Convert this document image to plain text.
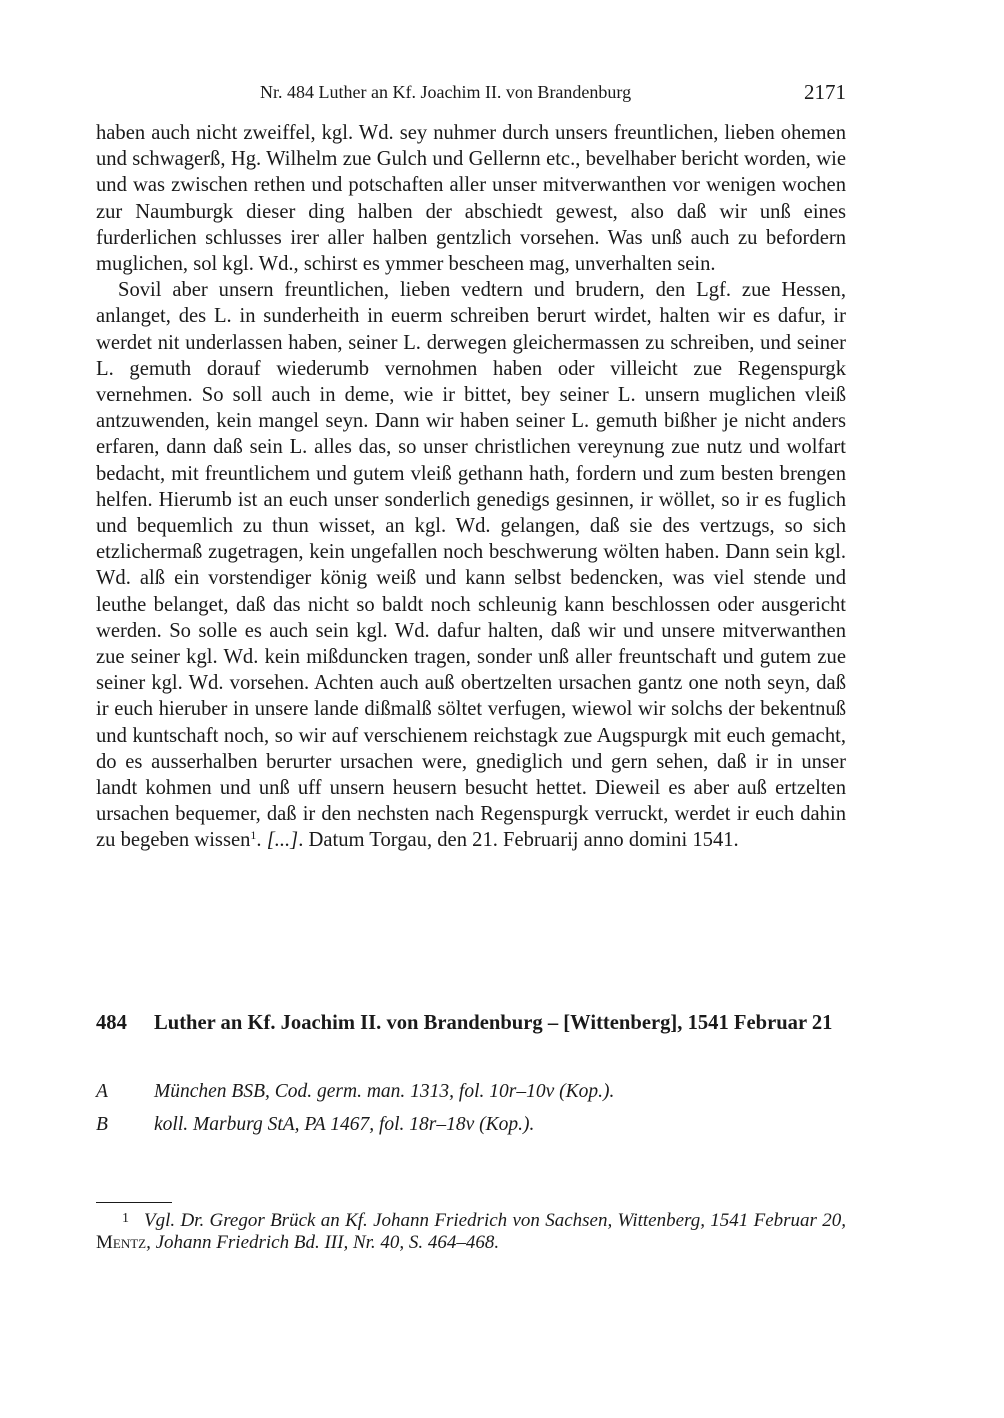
Nr. 484 Luther an Kf. Joachim II. von Brandenburg	2171

haben auch nicht zweiffel, kgl. Wd. sey nuhmer durch unsers freuntlichen, lieben ohemen und schwagerß, Hg. Wilhelm zue Gulch und Gellernn etc., bevelhaber bericht worden, wie und was zwischen rethen und potschaften aller unser mitverwanthen vor wenigen wochen zur Naumburgk dieser ding halben der abschiedt gewest, also daß wir unß eines furderlichen schlusses irer aller halben gentzlich vorsehen. Was unß auch zu befordern muglichen, sol kgl. Wd., schirst es ymmer bescheen mag, unverhalten sein.

Sovil aber unsern freuntlichen, lieben vedtern und brudern, den Lgf. zue Hessen, anlanget, des L. in sunderheith in euerm schreiben berurt wirdet, halten wir es dafur, ir werdet nit underlassen haben, seiner L. derwegen gleichermassen zu schreiben, und seiner L. gemuth dorauf wiederumb vernohmen haben oder villeicht zue Regenspurgk vernehmen. So soll auch in deme, wie ir bittet, bey seiner L. unsern muglichen vleiß antzuwenden, kein mangel seyn. Dann wir haben seiner L. gemuth bißher je nicht anders erfaren, dann daß sein L. alles das, so unser christlichen vereynung zue nutz und wolfart bedacht, mit freuntlichem und gutem vleiß gethann hath, fordern und zum besten brengen helfen. Hierumb ist an euch unser sonderlich genedigs gesinnen, ir wöllet, so ir es fuglich und bequemlich zu thun wisset, an kgl. Wd. gelangen, daß sie des vertzugs, so sich etzlichermaß zugetragen, kein ungefallen noch beschwerung wölten haben. Dann sein kgl. Wd. alß ein vorstendiger könig weiß und kann selbst bedencken, was viel stende und leuthe belanget, daß das nicht so baldt noch schleunig kann beschlossen oder ausgericht werden. So solle es auch sein kgl. Wd. dafur halten, daß wir und unsere mitverwanthen zue seiner kgl. Wd. kein mißduncken tragen, sonder unß aller freuntschaft und gutem zue seiner kgl. Wd. vorsehen. Achten auch auß obertzelten ursachen gantz one noth seyn, daß ir euch hieruber in unsere lande dißmalß söltet verfugen, wiewol wir solchs der bekentnuß und kuntschaft noch, so wir auf verschienem reichstagk zue Augspurgk mit euch gemacht, do es ausserhalben berurter ursachen were, gnediglich und gern sehen, daß ir in unser landt kohmen und unß uff unsern heusern besucht hettet. Dieweil es aber auß ertzelten ursachen bequemer, daß ir den nechsten nach Regenspurgk verruckt, werdet ir euch dahin zu begeben wissen$^1$. [...]. Datum Torgau, den 21. Februarij anno domini 1541.

484 Luther an Kf. Joachim II. von Brandenburg – [Wittenberg], 1541 Februar 21
A München BSB, Cod. germ. man. 1313, fol. 10r–10v (Kop.).
B koll. Marburg StA, PA 1467, fol. 18r–18v (Kop.).
1 Vgl. Dr. Gregor Brück an Kf. Johann Friedrich von Sachsen, Wittenberg, 1541 Februar 20, Mentz, Johann Friedrich Bd. III, Nr. 40, S. 464–468.
